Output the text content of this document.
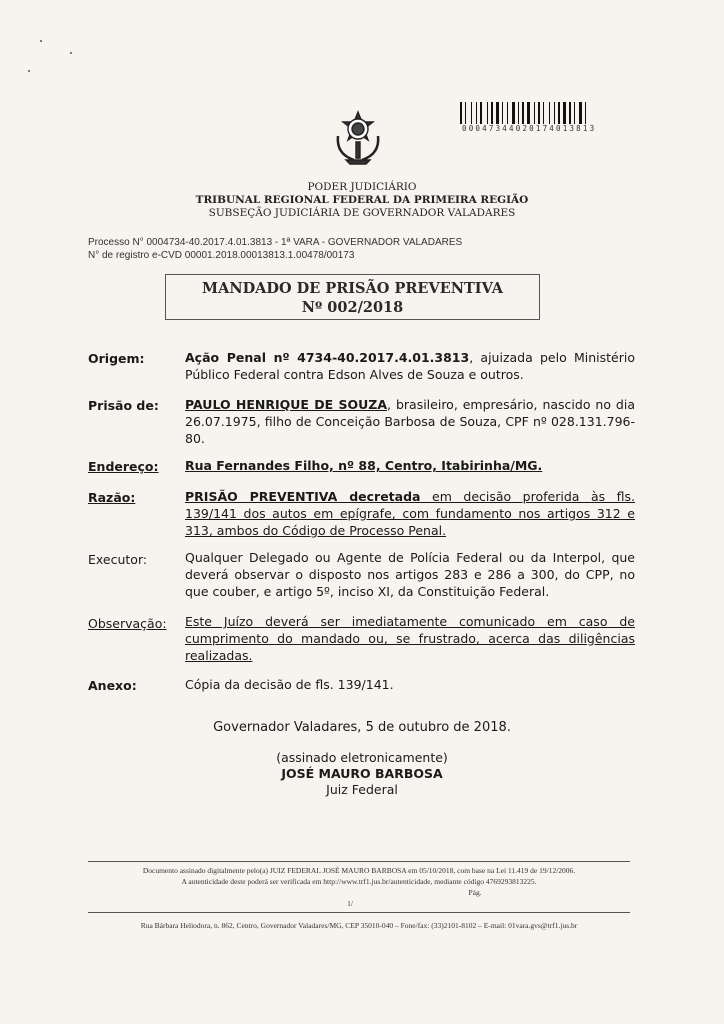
00047344020174013813
PODER JUDICIÁRIO
TRIBUNAL REGIONAL FEDERAL DA PRIMEIRA REGIÃO
SUBSEÇÃO JUDICIÁRIA DE GOVERNADOR VALADARES
Processo N° 0004734-40.2017.4.01.3813 - 1ª VARA - GOVERNADOR VALADARES
N° de registro e-CVD 00001.2018.00013813.1.00478/00173
MANDADO DE PRISÃO PREVENTIVA
Nº 002/2018
Origem:	Ação Penal nº 4734-40.2017.4.01.3813, ajuizada pelo Ministério Público Federal contra Edson Alves de Souza e outros.
Prisão de: PAULO HENRIQUE DE SOUZA, brasileiro, empresário, nascido no dia 26.07.1975, filho de Conceição Barbosa de Souza, CPF nº 028.131.796-80.
Endereço: Rua Fernandes Filho, nº 88, Centro, Itabirinha/MG.
Razão:	PRISÃO PREVENTIVA decretada em decisão proferida às fls. 139/141 dos autos em epígrafe, com fundamento nos artigos 312 e 313, ambos do Código de Processo Penal.
Executor:	Qualquer Delegado ou Agente de Polícia Federal ou da Interpol, que deverá observar o disposto nos artigos 283 e 286 a 300, do CPP, no que couber, e artigo 5º, inciso XI, da Constituição Federal.
Observação: Este Juízo deverá ser imediatamente comunicado em caso de cumprimento do mandado ou, se frustrado, acerca das diligências realizadas.
Anexo:	Cópia da decisão de fls. 139/141.
Governador Valadares, 5 de outubro de 2018.
(assinado eletronicamente)
JOSÉ MAURO BARBOSA
Juiz Federal
Documento assinado digitalmente pelo(a) JUIZ FEDERAL JOSÉ MAURO BARBOSA em 05/10/2018, com base na Lei 11.419 de 19/12/2006.
A autenticidade deste poderá ser verificada em http://www.trf1.jus.br/autenticidade, mediante código 4769293813225.
Pág.
1/
Rua Bárbara Heliodora, n. 862, Centro, Governador Valadares/MG, CEP 35010-040 – Fone/fax: (33)2101-8102 – E-mail: 01vara.gvs@trf1.jus.br
